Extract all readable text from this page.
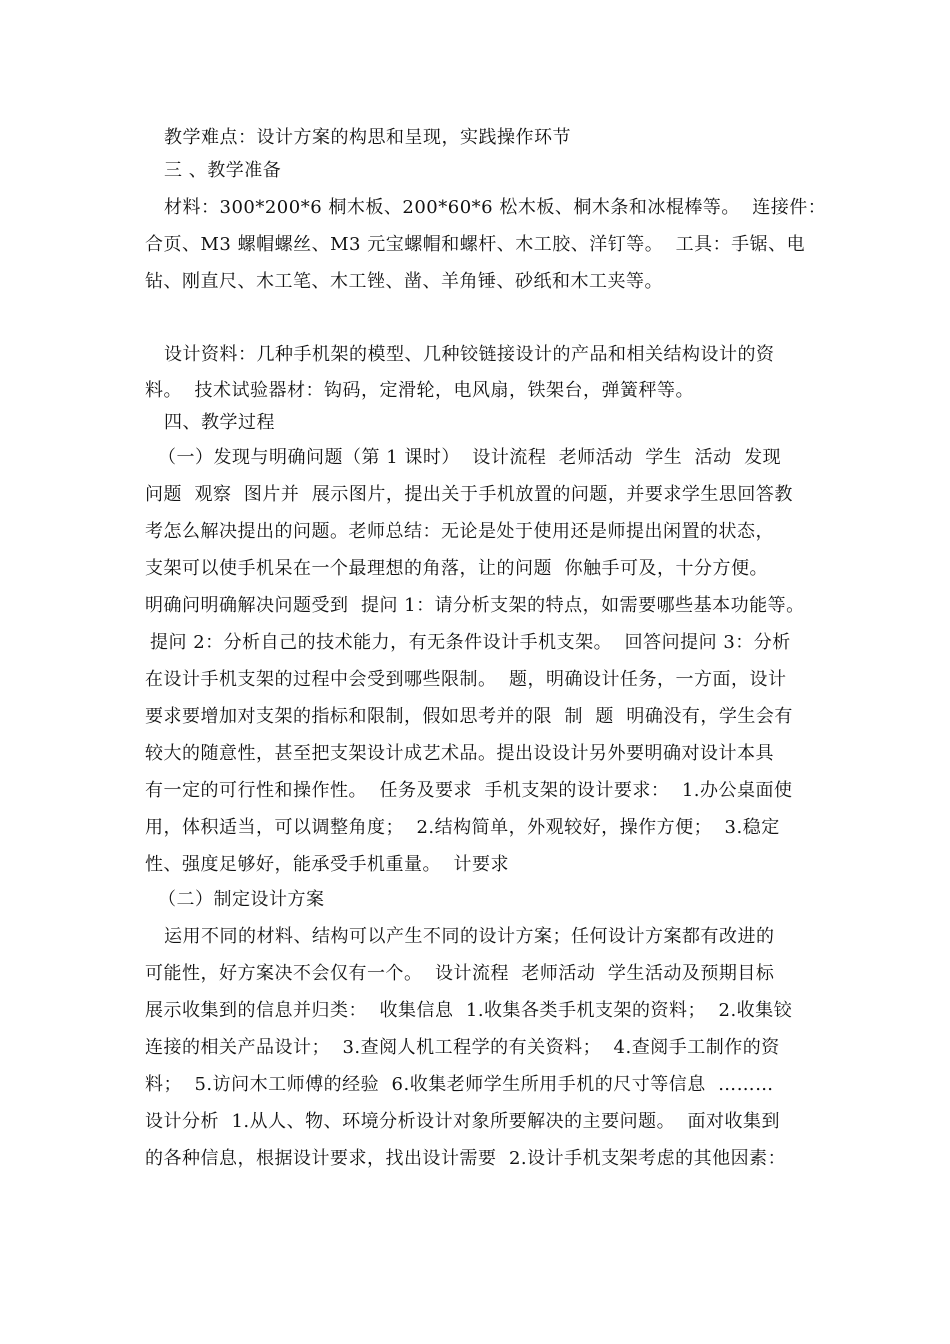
教学难点：设计方案的构思和呈现，实践操作环节
三 、教学准备
材料：300*200*6 桐木板、200*60*6 松木板、桐木条和冰棍棒等。  连接件：
合页、M3 螺帽螺丝、M3 元宝螺帽和螺杆、木工胶、洋钉等。  工具：手锯、电
钻、刚直尺、木工笔、木工锉、凿、羊角锤、砂纸和木工夹等。
设计资料：几种手机架的模型、几种铰链接设计的产品和相关结构设计的资
料。  技术试验器材：钩码，定滑轮，电风扇，铁架台，弹簧秤等。
四、教学过程
（一）发现与明确问题（第 1 课时）  设计流程  老师活动  学生  活动  发现
问题  观察  图片并  展示图片，提出关于手机放置的问题，并要求学生思回答教
考怎么解决提出的问题。老师总结：无论是处于使用还是师提出闲置的状态，
支架可以使手机呆在一个最理想的角落，让的问题  你触手可及，十分方便。
明确问明确解决问题受到  提问 1：请分析支架的特点，如需要哪些基本功能等。
提问 2：分析自己的技术能力，有无条件设计手机支架。  回答问提问 3：分析
在设计手机支架的过程中会受到哪些限制。  题，明确设计任务，一方面，设计
要求要增加对支架的指标和限制，假如思考并的限  制  题  明确没有，学生会有
较大的随意性，甚至把支架设计成艺术品。提出设设计另外要明确对设计本具
有一定的可行性和操作性。  任务及要求  手机支架的设计要求：  1.办公桌面使
用，体积适当，可以调整角度；  2.结构简单，外观较好，操作方便；  3.稳定
性、强度足够好，能承受手机重量。  计要求
（二）制定设计方案
运用不同的材料、结构可以产生不同的设计方案；任何设计方案都有改进的
可能性，好方案决不会仅有一个。  设计流程  老师活动  学生活动及预期目标
展示收集到的信息并归类：  收集信息  1.收集各类手机支架的资料；  2.收集铰
连接的相关产品设计；  3.查阅人机工程学的有关资料；  4.查阅手工制作的资
料；  5.访问木工师傅的经验  6.收集老师学生所用手机的尺寸等信息  ………
设计分析  1.从人、物、环境分析设计对象所要解决的主要问题。  面对收集到
的各种信息，根据设计要求，找出设计需要  2.设计手机支架考虑的其他因素：
